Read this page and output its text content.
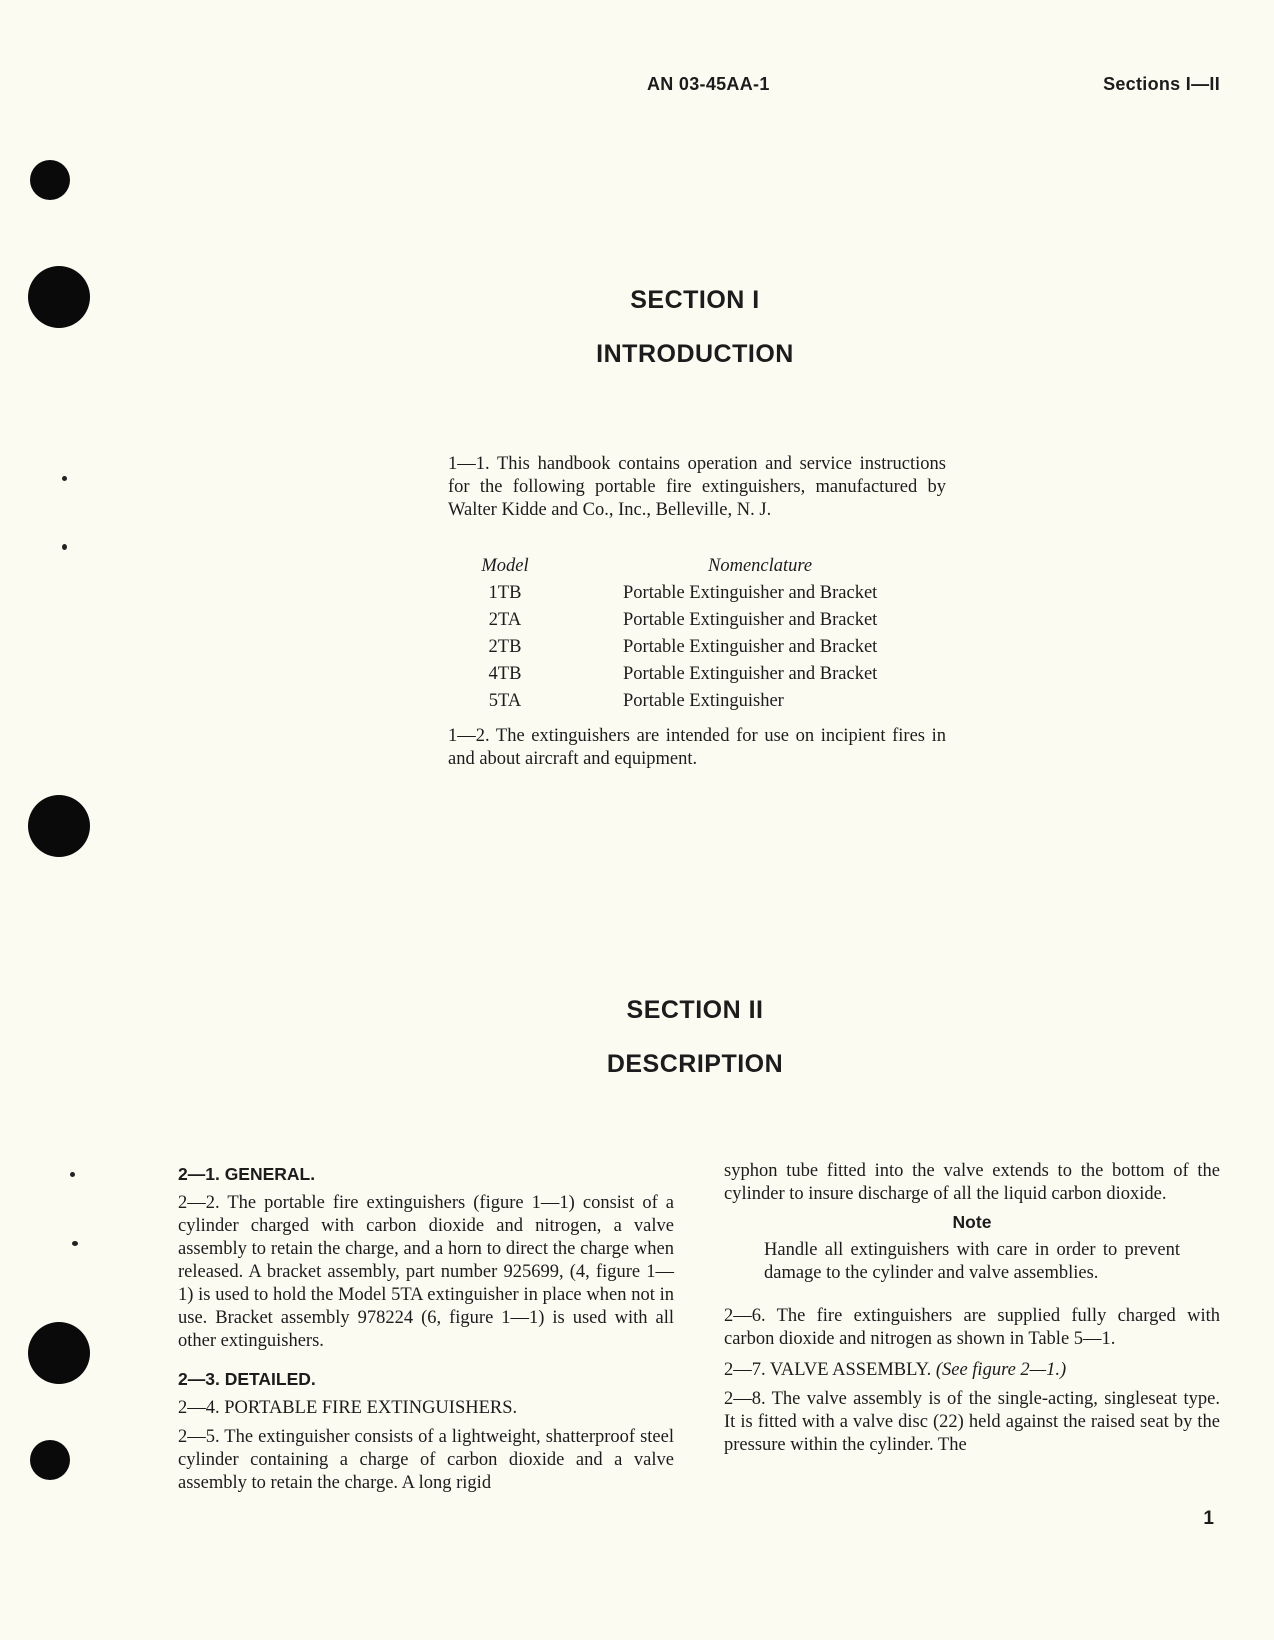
AN 03-45AA-1	Sections I—II
SECTION I
INTRODUCTION
1—1. This handbook contains operation and service instructions for the following portable fire extinguishers, manufactured by Walter Kidde and Co., Inc., Belleville, N. J.
Model	Nomenclature
1TB	Portable Extinguisher and Bracket
2TA	Portable Extinguisher and Bracket
2TB	Portable Extinguisher and Bracket
4TB	Portable Extinguisher and Bracket
5TA	Portable Extinguisher
1—2. The extinguishers are intended for use on incipient fires in and about aircraft and equipment.
SECTION II
DESCRIPTION
2—1. GENERAL.

2—2. The portable fire extinguishers (figure 1—1) consist of a cylinder charged with carbon dioxide and nitrogen, a valve assembly to retain the charge, and a horn to direct the charge when released. A bracket assembly, part number 925699, (4, figure 1—1) is used to hold the Model 5TA extinguisher in place when not in use. Bracket assembly 978224 (6, figure 1—1) is used with all other extinguishers.

2—3. DETAILED.

2—4. PORTABLE FIRE EXTINGUISHERS.

2—5. The extinguisher consists of a lightweight, shatterproof steel cylinder containing a charge of carbon dioxide and a valve assembly to retain the charge. A long rigid

syphon tube fitted into the valve extends to the bottom of the cylinder to insure discharge of all the liquid carbon dioxide.

Note

Handle all extinguishers with care in order to prevent damage to the cylinder and valve assemblies.

2—6. The fire extinguishers are supplied fully charged with carbon dioxide and nitrogen as shown in Table 5—1.

2—7. VALVE ASSEMBLY. (See figure 2—1.)

2—8. The valve assembly is of the single-acting, singleseat type. It is fitted with a valve disc (22) held against the raised seat by the pressure within the cylinder. The

1
